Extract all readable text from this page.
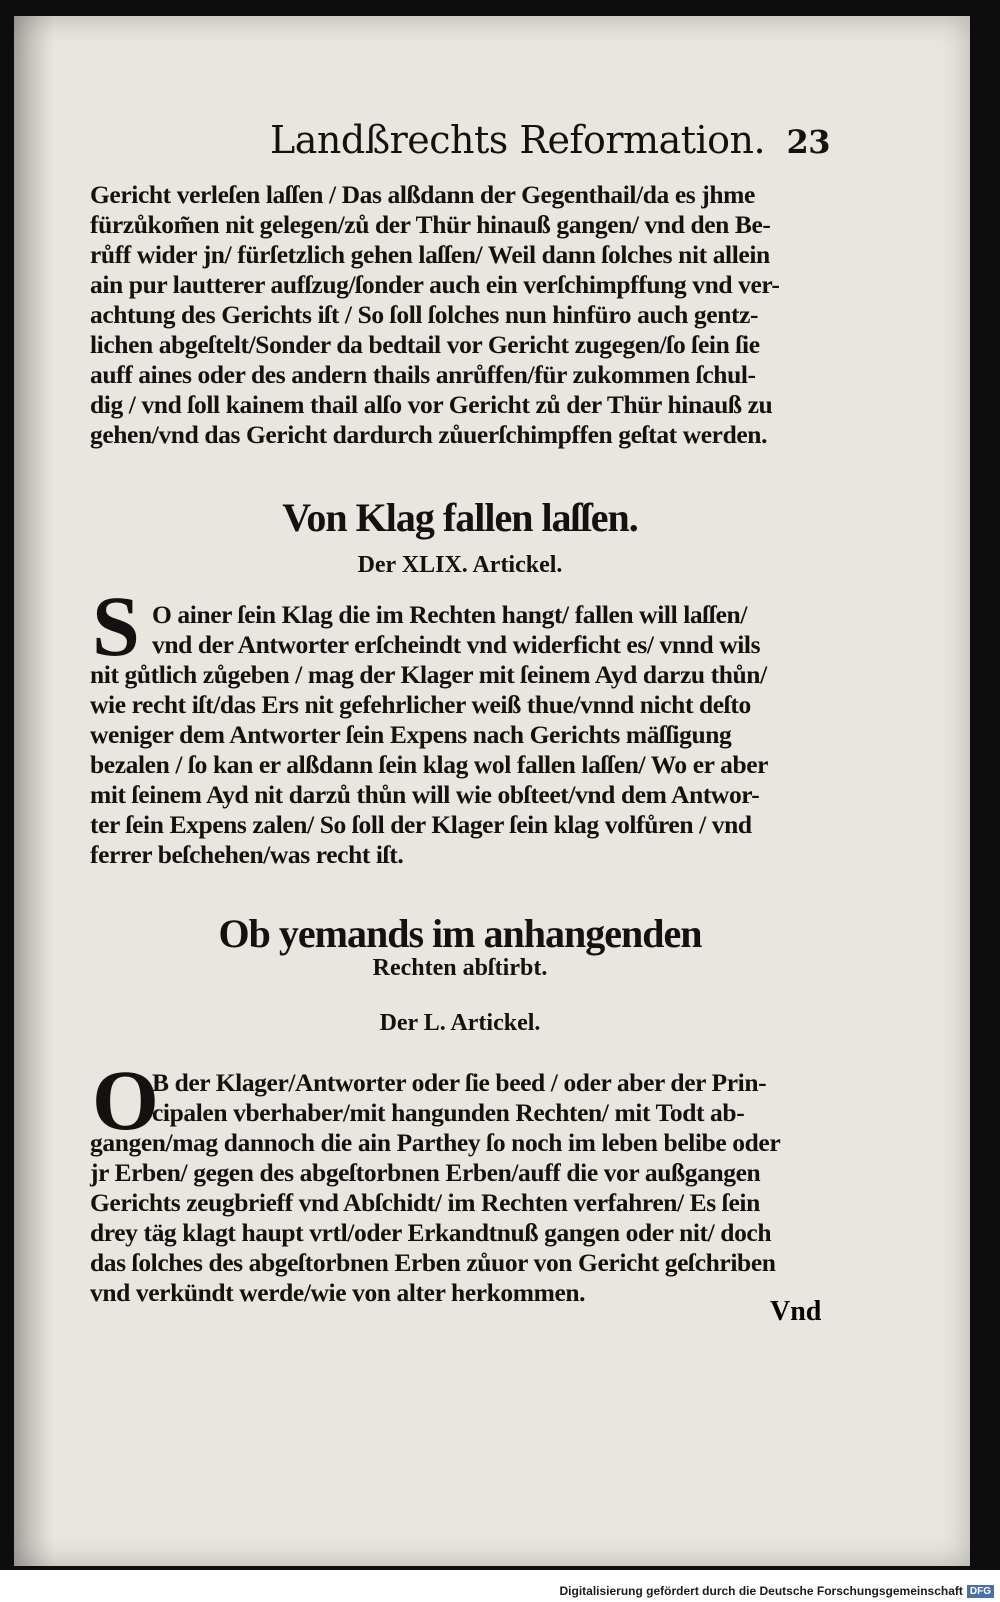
Landßrechts Reformation. 23
Gericht verleſen laſſen / Das alßdann der Gegenthail/da es jhme
fürzůkom̃en nit gelegen/zů der Thür hinauß gangen/ vnd den Be-
růff wider jn/ fürſetzlich gehen laſſen/ Weil dann ſolches nit allein
ain pur lautterer aufſzug/ſonder auch ein verſchimpffung vnd ver-
achtung des Gerichts iſt / So ſoll ſolches nun hinfüro auch gentz-
lichen abgeſtelt/Sonder da bedtail vor Gericht zugegen/ſo ſein ſie
auff aines oder des andern thails anrůffen/für zukommen ſchul-
dig / vnd ſoll kainem thail alſo vor Gericht zů der Thür hinauß zu
gehen/vnd das Gericht dardurch zůuerſchimpffen geſtat werden.
Von Klag fallen laſſen.
Der XLIX. Artickel.
S O ainer ſein Klag die im Rechten hangt/ fallen will laſſen/
vnd der Antworter erſcheindt vnd widerficht es/ vnnd wils
nit gůtlich zůgeben / mag der Klager mit ſeinem Ayd darzu thůn/
wie recht iſt/das Ers nit gefehrlicher weiß thue/vnnd nicht deſto
weniger dem Antworter ſein Expens nach Gerichts mäſſigung
bezalen / ſo kan er alßdann ſein klag wol fallen laſſen/ Wo er aber
mit ſeinem Ayd nit darzů thůn will wie obſteet/vnd dem Antwor-
ter ſein Expens zalen/ So ſoll der Klager ſein klag volfůren / vnd
ferrer beſchehen/was recht iſt.
Ob yemands im anhangenden
Rechten abſtirbt.
Der L. Artickel.
O
B der Klager/Antworter oder ſie beed / oder aber der Prin-
cipalen vberhaber/mit hangunden Rechten/ mit Todt ab-
gangen/mag dannoch die ain Parthey ſo noch im leben belibe oder
jr Erben/ gegen des abgeſtorbnen Erben/auff die vor außgangen
Gerichts zeugbrieff vnd Abſchidt/ im Rechten verfahren/ Es ſein
drey täg klagt haupt vrtl/oder Erkandtnuß gangen oder nit/ doch
das ſolches des abgeſtorbnen Erben zůuor von Gericht geſchriben
vnd verkündt werde/wie von alter herkommen.
Vnd
Digitalisierung gefördert durch die Deutsche Forschungsgemeinschaft DFG
